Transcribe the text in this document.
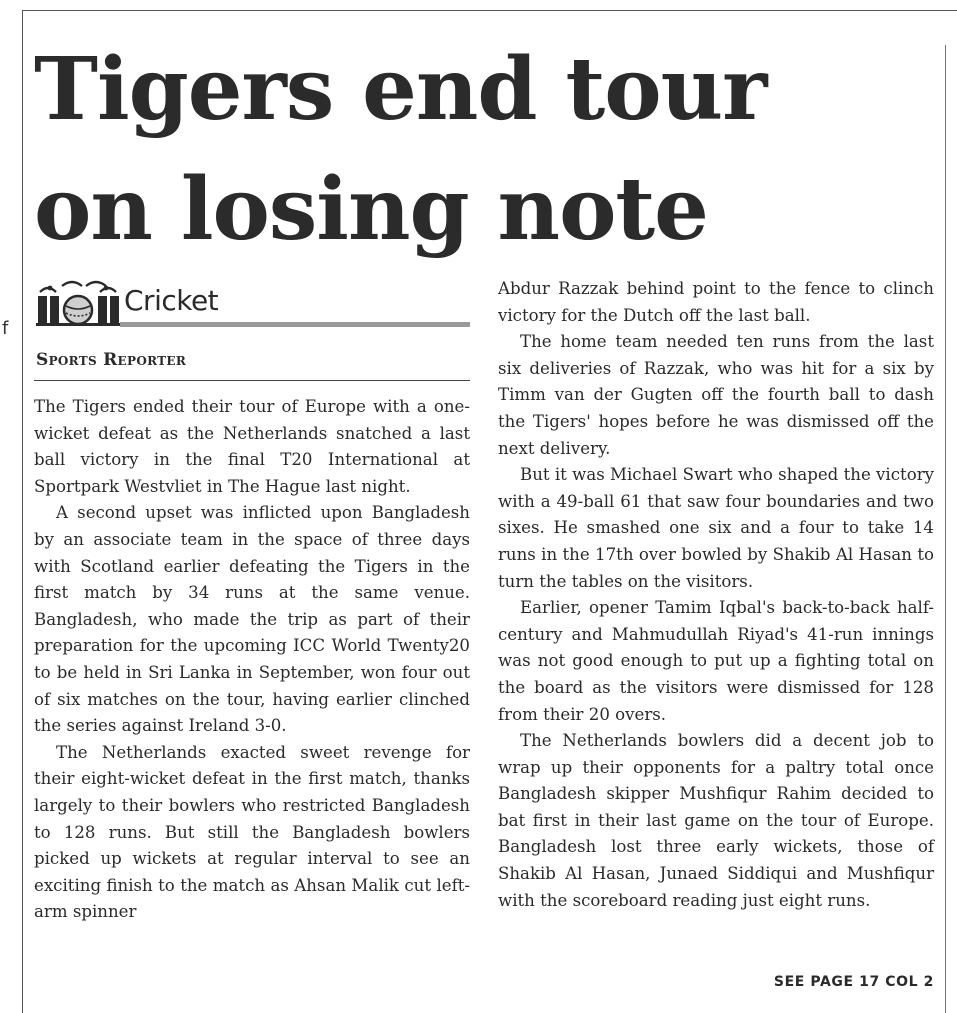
f
Tigers end tour
on losing note
Cricket
Sports Reporter

The Tigers ended their tour of Europe with a one-wicket defeat as the Netherlands snatched a last ball victory in the final T20 International at Sportpark Westvliet in The Hague last night.

A second upset was inflicted upon Bangladesh by an associate team in the space of three days with Scotland earlier defeating the Tigers in the first match by 34 runs at the same venue. Bangladesh, who made the trip as part of their preparation for the upcoming ICC World Twenty20 to be held in Sri Lanka in September, won four out of six matches on the tour, having earlier clinched the series against Ireland 3-0.

The Netherlands exacted sweet revenge for their eight-wicket defeat in the first match, thanks largely to their bowlers who restricted Bangladesh to 128 runs. But still the Bangladesh bowlers picked up wickets at regular interval to see an exciting finish to the match as Ahsan Malik cut left-arm spinner

Abdur Razzak behind point to the fence to clinch victory for the Dutch off the last ball.

The home team needed ten runs from the last six deliveries of Razzak, who was hit for a six by Timm van der Gugten off the fourth ball to dash the Tigers' hopes before he was dismissed off the next delivery.

But it was Michael Swart who shaped the victory with a 49-ball 61 that saw four boundaries and two sixes. He smashed one six and a four to take 14 runs in the 17th over bowled by Shakib Al Hasan to turn the tables on the visitors.

Earlier, opener Tamim Iqbal's back-to-back half-century and Mahmudullah Riyad's 41-run innings was not good enough to put up a fighting total on the board as the visitors were dismissed for 128 from their 20 overs.

The Netherlands bowlers did a decent job to wrap up their opponents for a paltry total once Bangladesh skipper Mushfiqur Rahim decided to bat first in their last game on the tour of Europe. Bangladesh lost three early wickets, those of Shakib Al Hasan, Junaed Siddiqui and Mushfiqur with the scoreboard reading just eight runs.

SEE PAGE 17 COL 2
